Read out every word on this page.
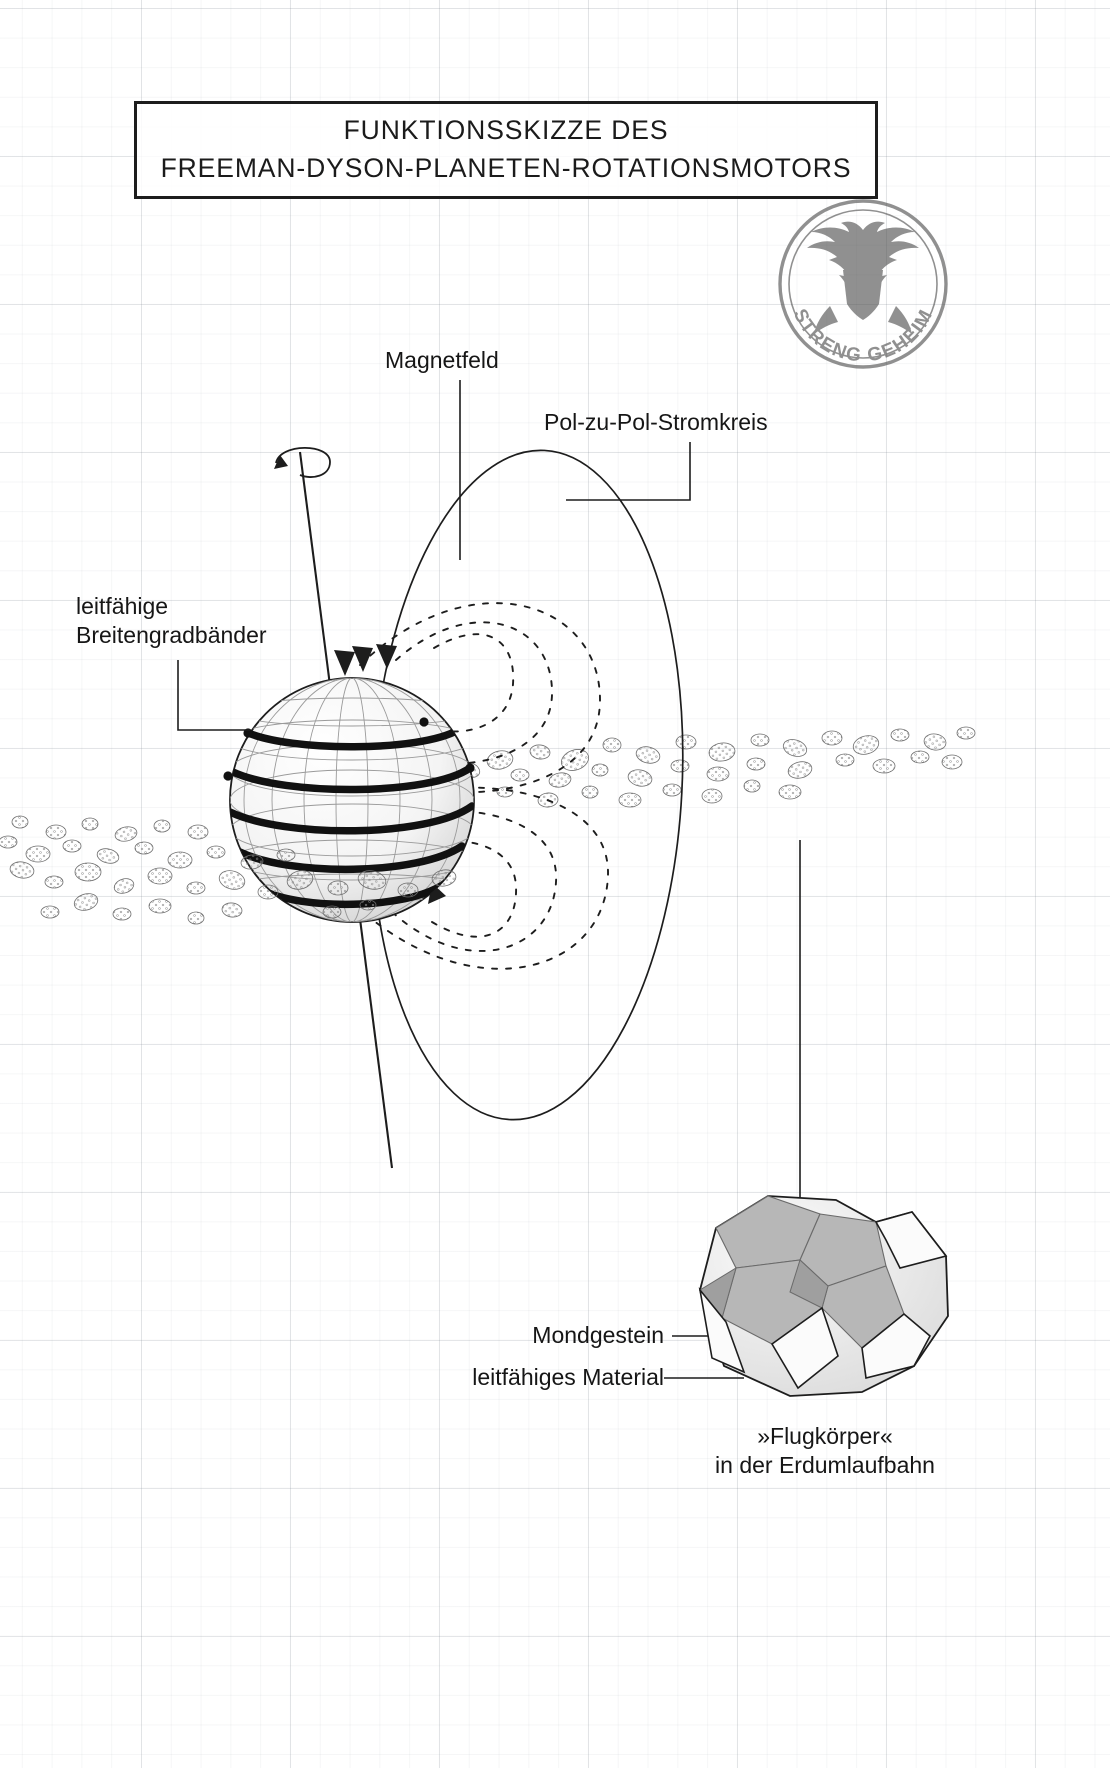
FUNKTIONSSKIZZE DES
FREEMAN-DYSON-PLANETEN-ROTATIONSMOTORS
STRENG GEHEIM
Magnetfeld
Pol-zu-Pol-Stromkreis
leitfähige
Breitengradbänder
Mondgestein
leitfähiges Material
»Flugkörper«
in der Erdumlaufbahn
